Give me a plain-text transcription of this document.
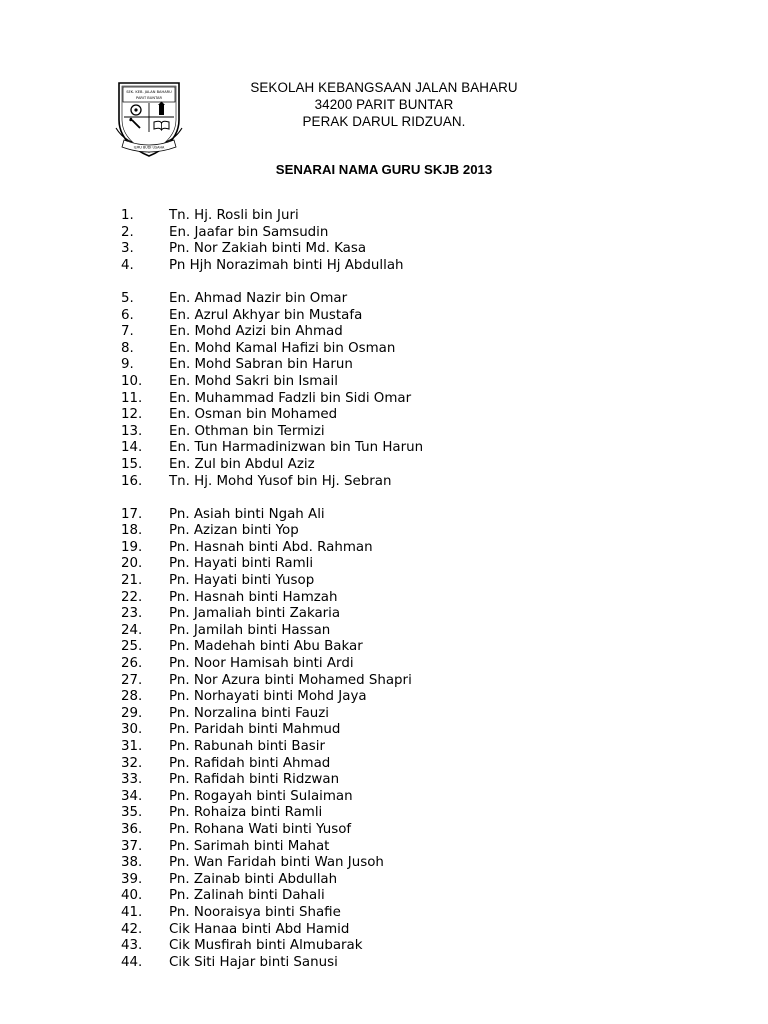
SEK. KEB. JALAN BAHARU
PARIT BUNTAR
ILMU BUDI USAHA
SEKOLAH KEBANGSAAN JALAN BAHARU
34200 PARIT BUNTAR
PERAK DARUL RIDZUAN.
SENARAI NAMA GURU SKJB 2013
1.	Tn. Hj. Rosli bin Juri
2.	En. Jaafar bin Samsudin
3.	Pn. Nor Zakiah binti Md. Kasa
4.	Pn Hjh Norazimah binti Hj Abdullah
5.	En. Ahmad Nazir bin Omar
6.	En. Azrul Akhyar bin Mustafa
7.	En. Mohd Azizi bin Ahmad
8.	En. Mohd Kamal Hafizi bin Osman
9.	En. Mohd Sabran bin Harun
10.	En. Mohd Sakri bin Ismail
11.	En. Muhammad Fadzli bin Sidi Omar
12.	En. Osman bin Mohamed
13.	En. Othman bin Termizi
14.	En. Tun Harmadinizwan bin Tun Harun
15.	En. Zul bin Abdul Aziz
16.	Tn. Hj. Mohd Yusof bin Hj. Sebran
17.	Pn. Asiah binti Ngah Ali
18.	Pn. Azizan binti Yop
19.	Pn. Hasnah binti Abd. Rahman
20.	Pn. Hayati binti Ramli
21.	Pn. Hayati binti Yusop
22.	Pn. Hasnah binti Hamzah
23.	Pn. Jamaliah binti Zakaria
24.	Pn. Jamilah binti Hassan
25.	Pn. Madehah binti Abu Bakar
26.	Pn. Noor Hamisah binti Ardi
27.	Pn. Nor Azura binti Mohamed Shapri
28.	Pn. Norhayati binti Mohd Jaya
29.	Pn. Norzalina binti Fauzi
30.	Pn. Paridah binti Mahmud
31.	Pn. Rabunah binti Basir
32.	Pn. Rafidah binti Ahmad
33.	Pn. Rafidah binti Ridzwan
34.	Pn. Rogayah binti Sulaiman
35.	Pn. Rohaiza binti Ramli
36.	Pn. Rohana Wati binti Yusof
37.	Pn. Sarimah binti Mahat
38.	Pn. Wan Faridah binti Wan Jusoh
39.	Pn. Zainab binti Abdullah
40.	Pn. Zalinah binti Dahali
41.	Pn. Nooraisya binti Shafie
42.	Cik Hanaa binti Abd Hamid
43.	Cik Musfirah binti Almubarak
44.	Cik Siti Hajar binti Sanusi
